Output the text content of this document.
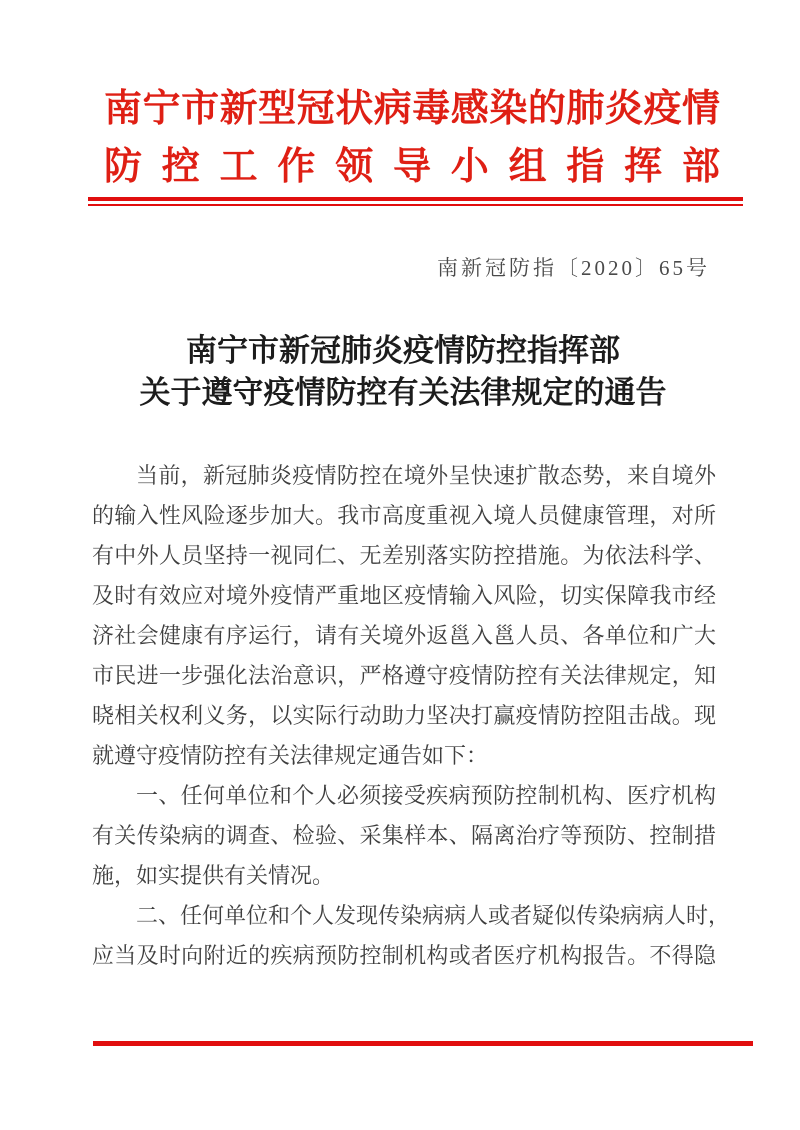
南宁市新型冠状病毒感染的肺炎疫情
防控工作领导小组指挥部
南新冠防指〔2020〕65号
南宁市新冠肺炎疫情防控指挥部
关于遵守疫情防控有关法律规定的通告
当前，新冠肺炎疫情防控在境外呈快速扩散态势，来自境外
的输入性风险逐步加大。我市高度重视入境人员健康管理，对所
有中外人员坚持一视同仁、无差别落实防控措施。为依法科学、
及时有效应对境外疫情严重地区疫情输入风险，切实保障我市经
济社会健康有序运行，请有关境外返邕入邕人员、各单位和广大
市民进一步强化法治意识，严格遵守疫情防控有关法律规定，知
晓相关权利义务，以实际行动助力坚决打赢疫情防控阻击战。现
就遵守疫情防控有关法律规定通告如下：
一、任何单位和个人必须接受疾病预防控制机构、医疗机构
有关传染病的调查、检验、采集样本、隔离治疗等预防、控制措
施，如实提供有关情况。
二、任何单位和个人发现传染病病人或者疑似传染病病人时，
应当及时向附近的疾病预防控制机构或者医疗机构报告。不得隐
